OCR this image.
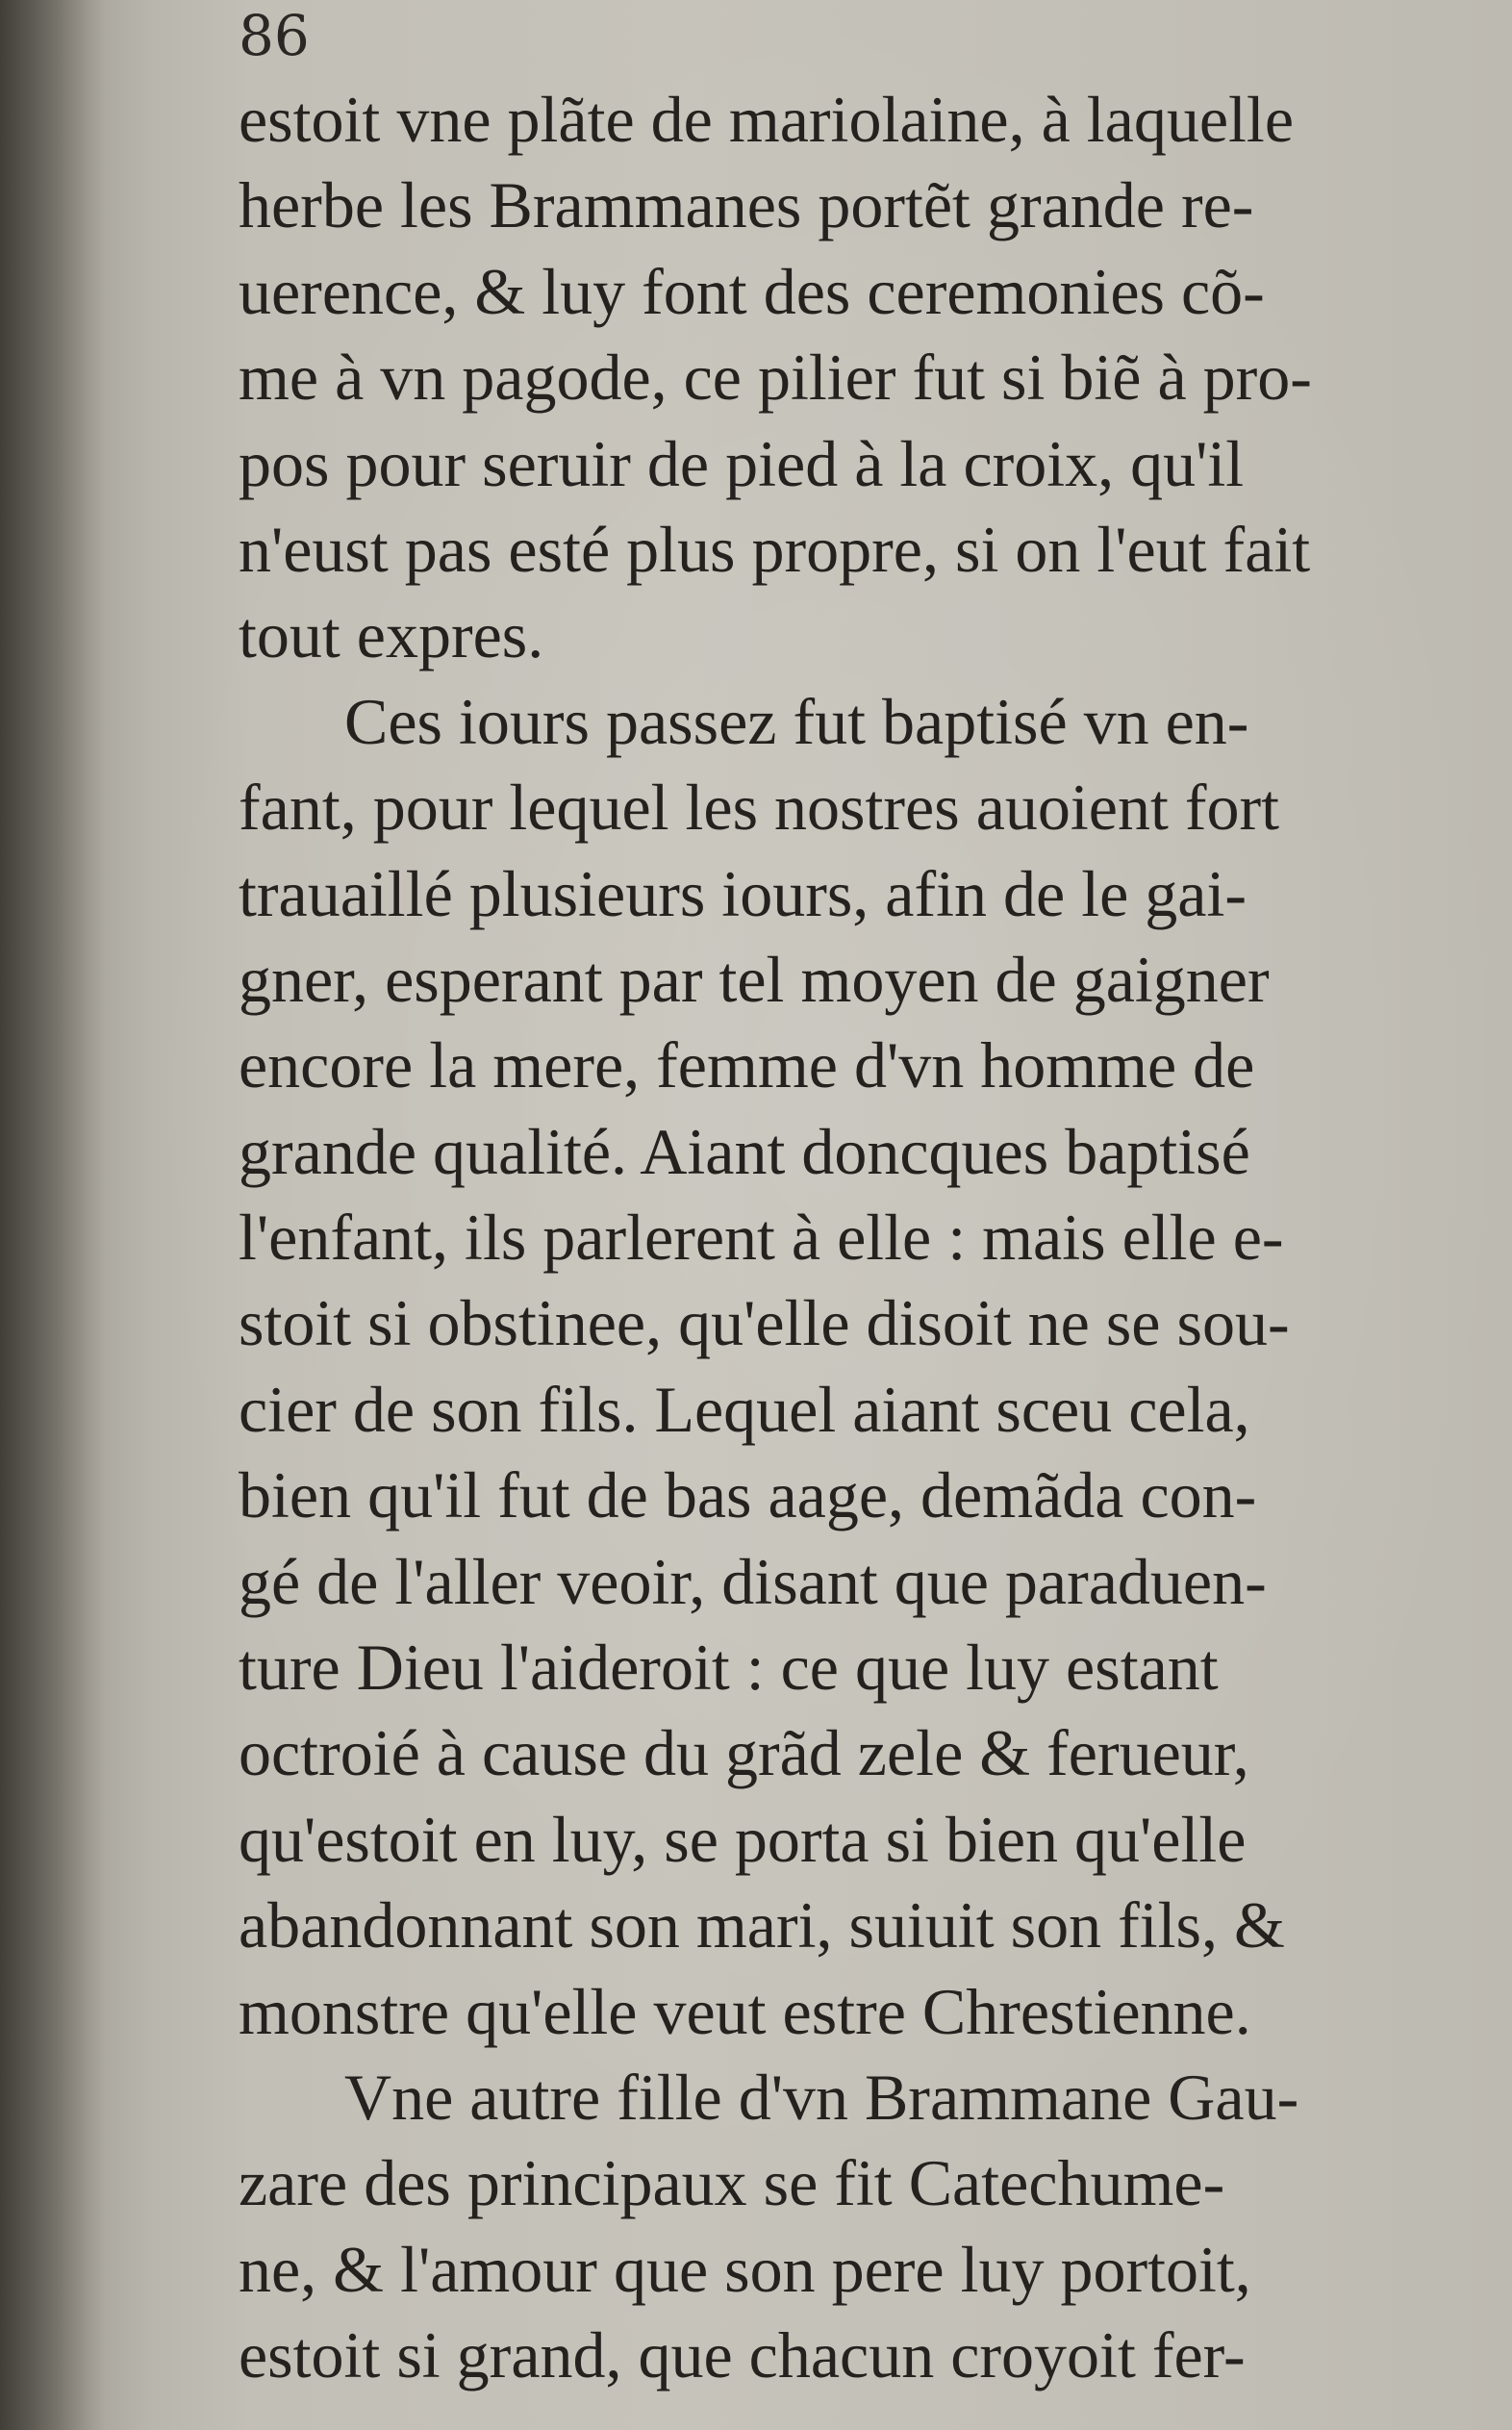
86
estoit vne plãte de mariolaine, à laquelle
herbe les Brammanes portẽt grande re-
uerence, & luy font des ceremonies cõ-
me à vn pagode, ce pilier fut si biẽ à pro-
pos pour seruir de pied à la croix, qu'il
n'eust pas esté plus propre, si on l'eut fait
tout expres.
Ces iours passez fut baptisé vn en-
fant, pour lequel les nostres auoient fort
trauaillé plusieurs iours, afin de le gai-
gner, esperant par tel moyen de gaigner
encore la mere, femme d'vn homme de
grande qualité. Aiant doncques baptisé
l'enfant, ils parlerent à elle : mais elle e-
stoit si obstinee, qu'elle disoit ne se sou-
cier de son fils. Lequel aiant sceu cela,
bien qu'il fut de bas aage, demãda con-
gé de l'aller veoir, disant que paraduen-
ture Dieu l'aideroit : ce que luy estant
octroié à cause du grãd zele & ferueur,
qu'estoit en luy, se porta si bien qu'elle
abandonnant son mari, suiuit son fils, &
monstre qu'elle veut estre Chrestienne.
Vne autre fille d'vn Brammane Gau-
zare des principaux se fit Catechume-
ne, & l'amour que son pere luy portoit,
estoit si grand, que chacun croyoit fer-
